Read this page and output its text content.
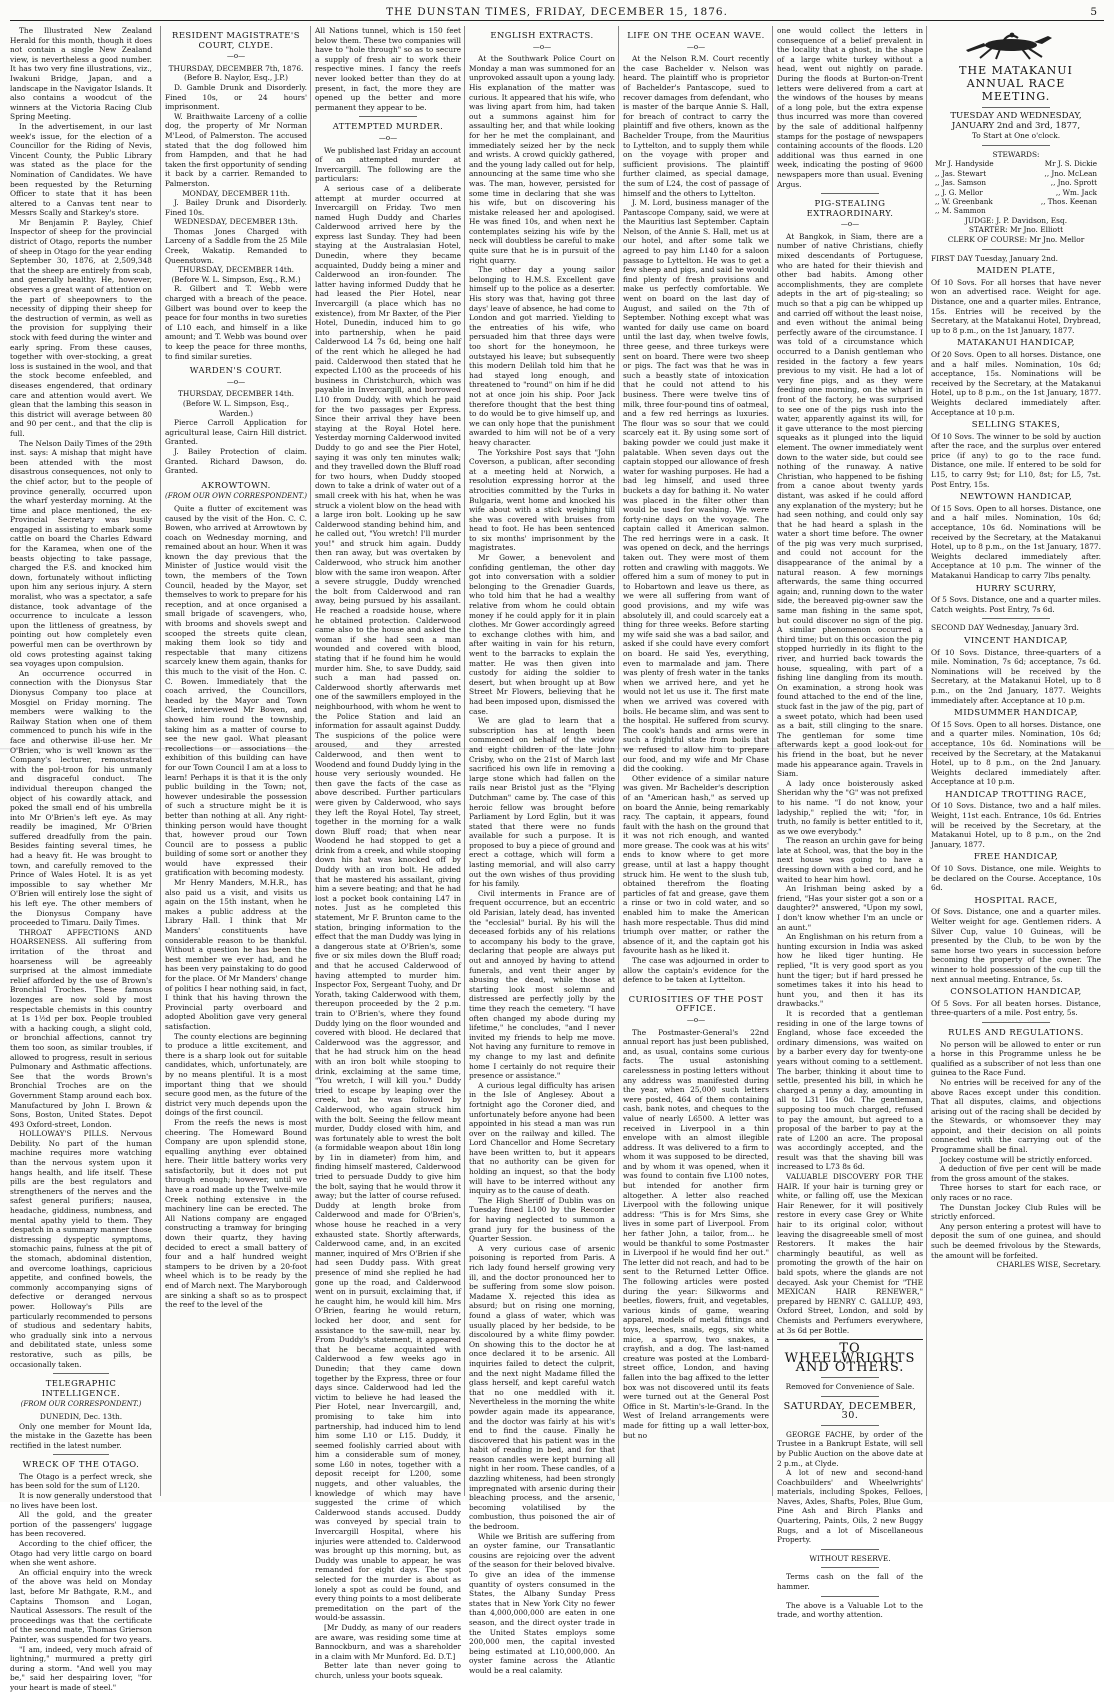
THE DUNSTAN TIMES, FRIDAY, DECEMBER 15, 1876.	5

The Illustrated New Zealand Herald for this month, though it does not contain a single New Zealand view, is nevertheless a good number. It has two very fine illustrations, viz., Iwakuni Bridge, Japan, and a landscape in the Navigator Islands. It also contains a woodcut of the winners at the Victoria Racing Club Spring Meeting.

In the advertisement, in our last week's issue, for the election of a Councillor for the Riding of Nevis, Vincent County, the Public Library was stated as the place for the Nomination of Candidates. We have been requested by the Returning Officer to state that it has been altered to a Canvas tent near to Messrs Scally and Starkey's store.

Mr Benjamin P. Bayley, Chief Inspector of sheep for the provincial district of Otago, reports the number of sheep in Otago for the year ending September 30, 1876, at 2,509,348 that the sheep are entirely from scab, and generally healthy. He, however, observes a great want of attention on the part of sheepowners to the necessity of dipping their sheep for the destruction of vermin, as well as the provision for supplying their stock with feed during the winter and early spring. From these causes, together with over-stocking, a great loss is sustained in the wool, and that the stock become enfeebled, and diseases engendered, that ordinary care and attention would avert. We glean that the lambing this season in this district will average between 80 and 90 per cent., and that the clip is full.

The Nelson Daily Times of the 29th inst. says: A mishap that might have been attended with the most disastrous consequences, not only to the chief actor, but to the people of province generally, occurred upon the wharf yesterday morning. At the time and place mentioned, the ex-Provincial Secretary was busily engaged in assisting to embark some cattle on board the Charles Edward for the Karamea, when one of the beasts objecting to take passage, charged the F.S. and knocked him down, fortunately without inflicting upon him any serious injury. A stern moralist, who was a spectator, a safe distance, took advantage of the occurrence to inculcate a lesson upon the littleness of greatness, by pointing out how completely even powerful men can be overthrown by old cows protesting against taking sea voyages upon compulsion.

An occurrence occurred in connection with the Dionysus Star Dionysus Company too place at Mosgiel on Friday morning. The members were walking to the Railway Station when one of them commenced to punch his wife in the face and otherwise ill-use her. Mr O'Brien, who is well known as the Company's lecturer, remonstrated with the pol-troon for his unmanly and disgraceful conduct. The individual thereupon changed the object of his cowardly attack, and poked the small end of his umbrella into Mr O'Brien's left eye. As may readily be imagined, Mr O'Brien suffered dreadfully from the pain. Besides fainting several times, he had a heavy fit. He was brought to town, and carefully removed to the Prince of Wales Hotel. It is as yet impossible to say whether Mr O'Brien will entirely lose the sight of his left eye. The other members of the Dionysus Company have proceeded to Timaru. Daily Times.

THROAT AFFECTIONS AND HOARSENESS. All suffering from irritation of the throat and hoarseness will be agreeably surprised at the almost immediate relief afforded by the use of Brown's Bronchial Troches. These famous lozenges are now sold by most respectable chemists in this country at 1s 1½d per box. People troubled with a hacking cough, a slight cold, or bronchial affections, cannot try them too soon, as similar troubles, if allowed to progress, result in serious Pulmonary and Asthmatic affections. See that the words Brown's Bronchial Troches are on the Government Stamp around each box. Manufactured by John I. Brown & Sons, Boston, United States. Depot 493 Oxford-street, London.

HOLLOWAY'S PILLS. Nervous Debility. No part of the human machine requires more watching than the nervous system upon it hangs health, and life itself. These pills are the best regulators and strengtheners of the nerves and the safest general purifiers; nausea, headache, giddiness, numbness, and mental apathy yield to them. They despatch in a summary manner those distressing dyspeptic symptoms, stomachic pains, fulness at the pit of the stomach, abdominal distention, and overcome loathings, capricious appetite, and confined bowels, the commonly accompanying signs of defective or deranged nervous power. Holloway's Pills are particularly recommended to persons of studious and sedentary habits, who gradually sink into a nervous and debilitated state, unless some restorative, such as pills, be occasionally taken.

TELEGRAPHIC INTELLIGENCE.
(FROM OUR CORRESPONDENT.)

DUNEDIN, Dec. 13th.

Only one member for Mount Ida, the mistake in the Gazette has been rectified in the latest number.

WRECK OF THE OTAGO.

The Otago is a perfect wreck, she has been sold for the sum of L120.

It is now generally understood that no lives have been lost.

All the gold, and the greater portion of the passengers' luggage has been recovered.

According to the chief officer, the Otago had very little cargo on board when she went ashore.

An official enquiry into the wreck of the above was held on Monday last, before Mr Bathgate, R.M., and Captains Thomson and Logan, Nautical Assessors. The result of the proceedings was that the certificate of the second mate, Thomas Grierson Painter, was suspended for two years.

"I am, indeed, very much afraid of lightning," murmured a pretty girl during a storm. "And well you may be," said her despairing lover, "for your heart is made of steel."

RESIDENT MAGISTRATE'S COURT, CLYDE.
—o—

THURSDAY, DECEMBER 7th, 1876.

(Before B. Naylor, Esq., J.P.)

D. Gamble Drunk and Disorderly. Fined 10s, or 24 hours' imprisonment.

W. Braithwaite Larceny of a collie dog, the property of Mr Norman M'Leod, of Palmerston. The accused stated that the dog followed him from Hampden, and that he had taken the first opportunity of sending it back by a carrier. Remanded to Palmerston.

MONDAY, DECEMBER 11th.

J. Bailey Drunk and Disorderly. Fined 10s.

WEDNESDAY, DECEMBER 13th.

Thomas Jones Charged with Larceny of a Saddle from the 25 Mile Creek, Wakatip. Remanded to Queenstown.

THURSDAY, DECEMBER 14th.

(Before W. L. Simpson, Esq., R.M.)

R. Gilbert and T. Webb were charged with a breach of the peace. Gilbert was bound over to keep the peace for four months in two sureties of L10 each, and himself in a like amount; and T. Webb was bound over to keep the peace for three months, to find similar sureties.

WARDEN'S COURT.
—o—

THURSDAY, DECEMBER 14th.

(Before W. L. Simpson, Esq., Warden.)

Pierce Carroll Application for agricultural lease, Cairn Hill district. Granted.

J. Bailey Protection of claim. Granted. Richard Dawson, do. Granted.

AKROWTOWN.
(FROM OUR OWN CORRESPONDENT.)

Quite a flutter of excitement was caused by the visit of the Hon. C. C. Bowen, who arrived at Arrowtown by coach on Wednesday morning, and remained about an hour. When it was known the day previous that the Minister of Justice would visit the town, the members of the Town Council, headed by the Mayor, set themselves to work to prepare for his reception, and at once organised a small brigade of scavengers, who, with brooms and shovels swept and scooped the streets quite clean, making them look so tidy and respectable that many citizens scarcely knew them again, thanks for this much to the visit of the Hon. C. C. Bowen. Immediately that the coach arrived, the Councillors, headed by the Mayor and Town Clerk, interviewed Mr Bowen, and showed him round the township, taking him as a matter of course to see the new gaol. What pleasant recollections or associations the exhibition of this building can have for our Town Council I am at a loss to learn! Perhaps it is that it is the only public building in the Town; not, however undesirable the possession of such a structure might be it is better than nothing at all. Any right-thinking person would have thought that, however proud our Town Council are to possess a public building of some sort or another they would have expressed their gratification with becoming modesty.

Mr Henry Manders, M.H.R., has also paid us a visit, and visits us again on the 15th instant, when he makes a public address at the Library Hall. I think that Mr Manders' constituents have considerable reason to be thankful. Without a question he has been the best member we ever had, and he has been very painstaking to do good for the place. Of Mr Manders' change of politics I hear nothing said, in fact, I think that his having thrown the Provincial party overboard and adopted Abolition gave very general satisfaction.

The county elections are beginning to produce a little excitement, and there is a sharp look out for suitable candidates, which, unfortunately, are by no means plentiful. It is a most important thing that we should secure good men, as the future of the district very much depends upon the doings of the first council.

From the reefs the news is most cheering. The Homeward Bound Company are upon splendid stone, equalling anything ever obtained here. Their little battery works very satisfactorily, but it does not put through enough; however, until we have a road made up the Twelve-mile Creek nothing extensive in the machinery line can be erected. The All Nations company are engaged constructing a tramway for bringing down their quartz, they having decided to erect a small battery of four and a half hundred weight stampers to be driven by a 20-foot wheel which is to be ready by the end of March next. The Maryborough are sinking a shaft so as to prospect the reef to the level of the

All Nations tunnel, which is 150 feet below them. These two companies will have to "hole through" so as to secure a supply of fresh air to work their respective mines. I fancy the reefs never looked better than they do at present, in fact, the more they are opened up the better and more permanent they appear to be.

ATTEMPTED MURDER.
—o—

We published last Friday an account of an attempted murder at Invercargill. The following are the particulars:

A serious case of a deliberate attempt at murder occurred at Invercargill on Friday. Two men named Hugh Duddy and Charles Calderwood arrived here by the express last Sunday. They had been staying at the Australasian Hotel, Dunedin, where they became acquainted, Duddy being a miner and Calderwood an iron-founder. The latter having informed Duddy that he had leased the Pier Hotel, near Invercargill (a place which has no existence), from Mr Baxter, of the Pier Hotel, Dunedin, induced him to go into partnership, when he paid Calderwood L4 7s 6d, being one half of the rent which he alleged he had paid. Calderwood then stated that he expected L100 as the proceeds of his business in Christchurch, which was payable in Invercargill, and borrowed L10 from Duddy, with which he paid for the two passages per Express. Since their arrival they have been staying at the Royal Hotel here. Yesterday morning Calderwood invited Duddy to go and see the Pier Hotel, saying it was only ten minutes walk; and they travelled down the Bluff road for two hours, when Duddy stooped down to take a drink of water out of a small creek with his hat, when he was struck a violent blow on the head with a large iron bolt. Looking up he saw Calderwood standing behind him, and he called out, "You wretch! I'll murder you!" and struck him again. Duddy then ran away, but was overtaken by Calderwood, who struck him another blow with the same iron weapon. After a severe struggle, Duddy wrenched the bolt from Calderwood and ran away, being pursued by his assailant. He reached a roadside house, where he obtained protection. Calderwood came also to the house and asked the woman if she had seen a man wounded and covered with blood, stating that if he found him he would murder him. She, to save Duddy, said such a man had passed on. Calderwood shortly afterwards met one of the sawmillers employed in the neighbourhood, with whom he went to the Police Station and laid an information for assault against Duddy. The suspicions of the police were aroused, and they arrested Calderwood, and then went to Woodend and found Duddy lying in the house very seriously wounded. He then gave the facts of the case as above described. Further particulars were given by Calderwood, who says they left the Royal Hotel, Tay street, together in the morning for a walk down Bluff road; that when near Woodend he had stopped to get a drink from a creek, and while stooping down his hat was knocked off by Duddy with an iron bolt. He added that he mastered his assailant, giving him a severe beating; and that he had lost a pocket book containing L47 in notes. Just as he completed this statement, Mr F. Brunton came to the station, bringing information to the effect that the man Duddy was lying in a dangerous state at O'Brien's, some five or six miles down the Bluff road; and that he accused Calderwood of having attempted to murder him. Inspector Fox, Sergeant Tuohy, and Dr Yorath, taking Calderwood with them, thereupon proceeded by the 2 p.m. train to O'Brien's, where they found Duddy lying on the floor wounded and covered with blood. He declared that Calderwood was the aggressor, and that he had struck him on the head with an iron bolt while stooping to drink, exclaiming at the same time, "You wretch, I will kill you." Duddy tried to escape by leaping over the creek, but he was followed by Calderwood, who again struck him with the bolt. Seeing the fellow meant murder, Duddy closed with him, and was fortunately able to wrest the bolt (a formidable weapon about 18in long by 1in in diameter) from him, and finding himself mastered, Calderwood tried to persuade Duddy to give him the bolt, saying that he would throw it away; but the latter of course refused. Duddy at length broke from Calderwood and made for O'Brien's, whose house he reached in a very exhausted state. Shortly afterwards, Calderwood came, and, in an excited manner, inquired of Mrs O'Brien if she had seen Duddy pass. With great presence of mind she replied he had gone up the road, and Calderwood went on in pursuit, exclaiming that, if he caught him, he would kill him. Mrs O'Brien, fearing he would return, locked her door, and sent for assistance to the saw-mill, near by. From Duddy's statement, it appeared that he became acquainted with Calderwood a few weeks ago in Dunedin; that they came down together by the Express, three or four days since. Calderwood had led the victim to believe he had leased the Pier Hotel, near Invercargill, and, promising to take him into partnership, had induced him to lend him some L10 or L15. Duddy, it seemed foolishly carried about with him a considerable sum of money, some L60 in notes, together with a deposit receipt for L200, some nuggets, and other valuables, the knowledge of which may have suggested the crime of which Calderwood stands accused. Duddy was conveyed by special train to Invercargill Hospital, where his injuries were attended to. Calderwood was brought up this morning, but, as Duddy was unable to appear, he was remanded for eight days. The spot selected for the murder is about as lonely a spot as could be found, and every thing points to a most deliberate premeditation on the part of the would-be assassin.

[Mr Duddy, as many of our readers are aware, was residing some time at Bannockburn, and was a shareholder in a claim with Mr Munford. Ed. D.T.]

Better late than never going to church, unless your boots squeak.

ENGLISH EXTRACTS.
—o—

At the Southwark Police Court on Monday a man was summoned for an unprovoked assault upon a young lady. His explanation of the matter was curious. It appeared that his wife, who was living apart from him, had taken out a summons against him for assaulting her, and that while looking for her he met the complainant, and immediately seized her by the neck and wrists. A crowd quickly gathered, and the young lady called out for help, announcing at the same time who she was. The man, however, persisted for some time in declaring that she was his wife, but on discovering his mistake released her and apologised. He was fined 10s, and when next he contemplates seizing his wife by the neck will doubtless be careful to make quite sure that he is in pursuit of the right quarry.

The other day a young sailor belonging to H.M.S. Excellent gave himself up to the police as a deserter. His story was that, having got three days' leave of absence, he had come to London and got married. Yielding to the entreaties of his wife, who persuaded him that three days were too short for the honeymoon, he outstayed his leave; but subsequently this modern Delilah told him that he had stayed long enough, and threatened to "round" on him if he did not at once join his ship. Poor Jack therefore thought that the best thing to do would be to give himself up, and we can only hope that the punishment awarded to him will not be of a very heavy character.

The Yorkshire Post says that "John Coverson, a publican, after seconding at a meeting held at Norwich, a resolution expressing horror at the atrocities committed by the Turks in Bulgaria, went home and knocked his wife about with a stick weighing till she was covered with bruises from head to foot. He has been sentenced to six months' imprisonment by the magistrates.

Mr Gower, a benevolent and confiding gentleman, the other day got into conversation with a soldier belonging to the Grenadier Guards, who told him that he had a wealthy relative from whom he could obtain money if he could apply for it in plain clothes. Mr Gower accordingly agreed to exchange clothes with him, and after waiting in vain for his return, went to the barracks to explain the matter. He was then given into custody for aiding the soldier to desert, but when brought up at Bow Street Mr Flowers, believing that he had been imposed upon, dismissed the case.

We are glad to learn that a subscription has at length been commenced on behalf of the widow and eight children of the late John Crisby, who on the 21st of March last sacrificed his own life in removing a large stone which had fallen on the rails near Bristol just as the "Flying Dutchman" came by. The case of this heroic fellow was brought before Parliament by Lord Eglin, but it was stated that there were no funds available for such a purpose. It is proposed to buy a piece of ground and erect a cottage, which will form a lasting memorial, and will also carry out the own wishes of thus providing for his family.

Civil interments in France are of frequent occurrence, but an eccentric old Parisian, lately dead, has invented the "ecclesial" burial. By his will the deceased forbids any of his relations to accompany his body to the grave, declaring that people are always put out and annoyed by having to attend funerals, and vent their anger by abusing the dead, while those at starting look most solemn and distressed are perfectly jolly by the time they reach the cemetery. "I have often changed my abode during my lifetime," he concludes, "and I never invited my friends to help me move. Not having any furniture to remove in my change to my last and definite home I certainly do not require their presence or assistance."

A curious legal difficulty has arisen in the Isle of Anglesey. About a fortnight ago the Coroner died, and unfortunately before anyone had been appointed in his stead a man was run over on the railway and killed. The Lord Chancellor and Home Secretary have been written to, but it appears that no authority can be given for holding an inquest, so that the body will have to be interred without any inquiry as to the cause of death.

The High Sheriff of Dublin was on Tuesday fined L100 by the Recorder for having neglected to summon a grand jury for the business of the Quarter Session.

A very curious case of arsenic poisoning is reported from Paris. A rich lady found herself growing very ill, and the doctor pronounced her to be suffering from some slow poison. Madame X. rejected this idea as absurd; but on rising one morning, found a glass of water, which was usually placed by her bedside, to be discoloured by a white flimy powder. On showing this to the doctor he at once declared it to be arsenic. All inquiries failed to detect the culprit, and the next night Madame filled the glass herself, and kept careful watch that no one meddled with it. Nevertheless in the morning the white powder again made its appearance, and the doctor was fairly at his wit's end to find the cause. Finally he discovered that his patient was in the habit of reading in bed, and for that reason candles were kept burning all night in her room. These candles, of a dazzling whiteness, had been strongly impregnated with arsenic during their bleaching process, and the arsenic, becoming volatilised by the combustion, thus poisoned the air of the bedroom.

While we British are suffering from an oyster famine, our Transatlantic cousins are rejoicing over the advent of the season for their beloved bivalve. To give an idea of the immense quantity of oysters consumed in the States, the Albany Sunday Press states that in New York City no fewer than 4,000,000,000 are eaten in one season, and the direct oyster trade in the United States employs some 200,000 men, the capital invested being estimated at L10,000,000. An oyster famine across the Atlantic would be a real calamity.

LIFE ON THE OCEAN WAVE.
—o—

At the Nelson R.M. Court recently the case Bachelder v. Nelson was heard. The plaintiff who is proprietor of Bachelder's Pantascope, sued to recover damages from defendant, who is master of the barque Annie S. Hall, for breach of contract to carry the plaintiff and five others, known as the Bachelder Troupe, from the Mauritius to Lyttelton, and to supply them while on the voyage with proper and sufficient provisions. The plaintiff further claimed, as special damage, the sum of L24, the cost of passage of himself and the others to Lyttelton.

J. M. Lord, business manager of the Pantascope Company, said, we were at the Mauritius last September. Captain Nelson, of the Annie S. Hall, met us at our hotel, and after some talk we agreed to pay him L140 for a saloon passage to Lyttelton. He was to get a few sheep and pigs, and said he would find plenty of fresh provisions and make us perfectly comfortable. We went on board on the last day of August, and sailed on the 7th of September. Nothing except what was wanted for daily use came on board until the last day, when twelve fowls, three geese, and three turkeys were sent on board. There were two sheep or pigs. The fact was that he was in such a beastly state of intoxication that he could not attend to his business. There were twelve tins of milk, three four-pound tins of oatmeal, and a few red herrings as luxuries. The flour was so sour that we could scarcely eat it. By using some sort of baking powder we could just make it palatable. When seven days out the captain stopped our allowance of fresh water for washing purposes. He had a bad leg himself, and used three buckets a day for bathing it. No water was placed in the filter other than would be used for washing. We were forty-nine days on the voyage. The captain called it American salmon. The red herrings were in a cask. It was opened on deck, and the herrings taken out. They were most of them rotten and crawling with maggots. We offered him a sum of money to put in to Hobartown and leave us there, as we were all suffering from want of good provisions, and my wife was absolutely ill, and could scarcely eat a thing for three weeks. Before starting my wife said she was a bad sailor, and asked if she could have every comfort on board. He said Yes, everything, even to marmalade and jam. There was plenty of fresh water in the tanks when we arrived here, and yet he would not let us use it. The first mate when we arrived was covered with boils. He became slim, and was sent to the hospital. He suffered from scurvy. The cook's hands and arms were in such a frightful state from boils that we refused to allow him to prepare our food, and my wife and Mr Chase did the cooking.

Other evidence of a similar nature was given. Mr Bachelder's description of an "American hash," as served up on board the Annie, being remarkably racy. The captain, it appears, found fault with the hash on the ground that it was not rich enough, and wanted more grease. The cook was at his wits' ends to know where to get more grease, until at last a happy thought struck him. He went to the slush tub, obtained therefrom the floating particles of fat and grease, gave them a rinse or two in cold water, and so enabled him to make the American hash more respectable. Thus did mind triumph over matter, or rather the absence of it, and the captain got his favourite hash as he liked it.

The case was adjourned in order to allow the captain's evidence for the defence to be taken at Lyttelton.

CURIOSITIES OF THE POST OFFICE.
—o—

The Postmaster-General's 22nd annual report has just been published, and, as usual, contains some curious facts. The usual astonishing carelessness in posting letters without any address was manifested during the year, when 25,000 such letters were posted, 464 of them containing cash, bank notes, and cheques to the value of nearly L6500. A letter was received in Liverpool in a thin envelope with an almost illegible address. It was delivered to a firm to whom it was supposed to be directed, and by whom it was opened, when it was found to contain five L100 notes, but intended for another firm altogether. A letter also reached Liverpool with the following unique address: "This is for Mrs Sims, she lives in some part of Liverpool. From her father John, a tailor, from... he would be thankful to some Postmaster in Liverpool if he would find her out." The letter did not reach, and had to be sent to the Returned Letter Office. The following articles were posted during the year: Silkworms and beetles, flowers, fruit, and vegetables, various kinds of game, wearing apparel, models of metal fittings and toys, leeches, snails, eggs, six white mice, a sparrow, two snakes, a crayfish, and a dog. The last-named creature was posted at the Lombard-street office, London, and having fallen into the bag affixed to the letter box was not discovered until its feats were turned out at the General Post Office in St. Martin's-le-Grand. In the West of Ireland arrangements were made for fitting up a wall letter-box, but no

one would collect the letters in consequence of a belief prevalent in the locality that a ghost, in the shape of a large white turkey without a head, went out nightly on parade. During the floods at Burton-on-Trent letters were delivered from a cart at the windows of the houses by means of a long pole, but the extra expense thus incurred was more than covered by the sale of additional halfpenny stamps for the postage of newspapers containing accounts of the floods. L20 additional was thus earned in one week, indicating the posting of 9600 newspapers more than usual. Evening Argus.

PIG-STEALING EXTRAORDINARY.
—o—

At Bangkok, in Siam, there are a number of native Christians, chiefly mixed descendants of Portuguese, who are hated for their thievish and other bad habits. Among other accomplishments, they are complete adepts in the art of pig-stealing; so much so that a pig can be whipped up and carried off without the least noise, and even without the animal being perfectly aware of the circumstance. I was told of a circumstance which occurred to a Danish gentleman who resided in the factory a few years previous to my visit. He had a lot of very fine pigs, and as they were feeding one morning, on the wharf in front of the factory, he was surprised to see one of the pigs rush into the water, apparently against its will, for it gave utterance to the most piercing squeaks as it plunged into the liquid element. The owner immediately went down to the water side, but could see nothing of the runaway. A native Christian, who happened to be fishing from a canoe about twenty yards distant, was asked if he could afford any explanation of the mystery; but he had seen nothing, and could only say that he had heard a splash in the water a short time before. The owner of the pig was very much surprised, and could not account for the disappearance of the animal by a natural reason. A few mornings afterwards, the same thing occurred again; and, running down to the water side, the bereaved pig-owner saw the same man fishing in the same spot, but could discover no sign of the pig. A similar phenomenon occurred a third time; but on this occasion the pig stopped hurriedly in its flight to the river, and hurried back towards the house, squealing, with part of a fishing line dangling from its mouth. On examination, a strong hook was found attached to the end of the line, stuck fast in the jaw of the pig, part of a sweet potato, which had been used as a bait, still clinging to the snare. The gentleman for some time afterwards kept a good look-out for his friend in the boat, but he never made his appearance again. Travels in Siam.

A lady once boisterously asked Sheridan why the "G" was not prefixed to his name. "I do not know, your ladyship," replied the wit; "for, in truth, no family is better entitled to it, as we owe everybody."

The reason an urchin gave for being late at School, was, that the boy in the next house was going to have a dressing down with a bed cord, and he waited to hear him howl.

An Irishman being asked by a friend, "Has your sister got a son or a daughter?" answered, "Upon my sowl, I don't know whether I'm an uncle or an aunt."

An Englishman on his return from a hunting excursion in India was asked how he liked tiger hunting. He replied, "It is very good sport as you hunt the tiger; but if hard pressed he sometimes takes it into his head to hunt you, and then it has its drawbacks."

It is recorded that a gentleman residing in one of the large towns of England, whose face exceeded the ordinary dimensions, was waited on by a barber every day for twenty-one years without coming to a settlement. The barber, thinking it about time to settle, presented his bill, in which he charged a penny a day, amounting in all to L31 16s 0d. The gentleman, supposing too much charged, refused to pay the amount, but agreed to a proposal of the barber to pay at the rate of L200 an acre. The proposal was accordingly accepted, and the result was that the shaving bill was increased to L73 8s 6d.

VALUABLE DISCOVERY FOR THE HAIR. If your hair is turning grey or white, or falling off, use the Mexican Hair Renewer, for it will positively restore in every case Grey or White hair to its original color, without leaving the disagreeable smell of most Restorers. It makes the hair charmingly beautiful, as well as promoting the growth of the hair on bald spots, where the glands are not decayed. Ask your Chemist for "THE MEXICAN HAIR RENEWER," prepared by HENRY C. GALLUP, 493, Oxford Street, London, and sold by Chemists and Perfumers everywhere, at 3s 6d per Bottle.

TO WHEELWRIGHTS AND OTHERS.

Removed for Convenience of Sale.

SATURDAY, DECEMBER, 30.

GEORGE FACHE, by order of the Trustee in a Bankrupt Estate, will sell by Public Auction on the above date at 2 p.m., at Clyde.

A lot of new and second-hand Coachbuilders' and Wheelwrights' materials, including Spokes, Felloes, Naves, Axles, Shafts, Poles, Blue Gum, Pine Ash and Birch Planks and Quartering, Paints, Oils, 2 new Buggy Rugs, and a lot of Miscellaneous Property.

WITHOUT RESERVE.

Terms cash on the fall of the hammer.

The above is a Valuable Lot to the trade, and worthy attention.

THE MATAKANUI ANNUAL RACE MEETING.

TUESDAY AND WEDNESDAY, JANUARY 2nd and 3rd, 1877,

To Start at One o'clock.

STEWARDS:

Mr J. Handyside	Mr J. S. Dickie
,, Jas. Stewart	,, Jno. McLean
,, Jas. Samson	,, Jno. Sprott
,, J. G. Mellor	,, Wm. Jack
,, W. Greenbank	,, Thos. Keenan
,, M. Sammon

JUDGE: J. P. Davidson, Esq.

STARTER: Mr Jno. Elliott

CLERK OF COURSE: Mr Jno. Mellor

FIRST DAY Tuesday, January 2nd.

MAIDEN PLATE,

Of 10 Sovs. For all horses that have never won an advertised race. Weight for age. Distance, one and a quarter miles. Entrance, 15s. Entries will be received by the Secretary, at the Matakanui Hotel, Drybread, up to 8 p.m., on the 1st January, 1877.

MATAKANUI HANDICAP,

Of 20 Sovs. Open to all horses. Distance, one and a half miles. Nomination, 10s 6d; acceptance, 15s. Nominations will be received by the Secretary, at the Matakanui Hotel, up to 8 p.m., on the 1st January, 1877. Weights declared immediately after. Acceptance at 10 p.m.

SELLING STAKES,

Of 10 Sovs. The winner to be sold by auction after the race, and the surplus over entered price (if any) to go to the race fund. Distance, one mile. If entered to be sold for L15, to carry 9st; for L10, 8st; for L5, 7st. Post Entry, 15s.

NEWTOWN HANDICAP,

Of 15 Sovs. Open to all horses. Distance, one and a half miles. Nomination, 10s 6d; acceptance, 10s 6d. Nominations will be received by the Secretary, at the Matakanui Hotel, up to 8 p.m., on the 1st January, 1877. Weights declared immediately after. Acceptance at 10 p.m. The winner of the Matakanui Handicap to carry 7lbs penalty.

HURRY SCURRY,

Of 5 Sovs. Distance, one and a quarter miles. Catch weights. Post Entry, 7s 6d.

SECOND DAY Wednesday, January 3rd.

VINCENT HANDICAP,

Of 10 Sovs. Distance, three-quarters of a mile. Nomination, 7s 6d; acceptance, 7s 6d. Nominations will be received by the Secretary, at the Matakanui Hotel, up to 8 p.m., on the 2nd January, 1877. Weights immediately after. Acceptance at 10 p.m.

MIDSUMMER HANDICAP,

Of 15 Sovs. Open to all horses. Distance, one and a quarter miles. Nomination, 10s 6d; acceptance, 10s 6d. Nominations will be received by the Secretary, at the Matakanui Hotel, up to 8 p.m., on the 2nd January. Weights declared immediately after. Acceptance at 10 p.m.

HANDICAP TROTTING RACE,

Of 10 Sovs. Distance, two and a half miles. Weight, 11st each. Entrance, 10s 6d. Entries will be received by the Secretary, at the Matakanui Hotel, up to 8 p.m., on the 2nd January, 1877.

FREE HANDICAP,

Of 10 Sovs. Distance, one mile. Weights to be declared on the Course. Acceptance, 10s 6d.

HOSPITAL RACE,

Of Sovs. Distance, one and a quarter miles. Welter weight for age. Gentlemen riders. A Silver Cup, value 10 Guineas, will be presented by the Club, to be won by the same horse two years in succession before becoming the property of the owner. The winner to hold possession of the cup till the next annual meeting. Entrance, 5s.

CONSOLATION HANDICAP,

Of 5 Sovs. For all beaten horses. Distance, three-quarters of a mile. Post entry, 5s.

RULES AND REGULATIONS.

No person will be allowed to enter or run a horse in this Programme unless he be qualified as a subscriber of not less than one guinea to the Race Fund.

No entries will be received for any of the above Races except under this condition. That all disputes, claims, and objections arising out of the racing shall be decided by the Stewards, or whomsoever they may appoint, and their decision on all points connected with the carrying out of the Programme shall be final.

Jockey costume will be strictly enforced.

A deduction of five per cent will be made from the gross amount of the stakes.

Three horses to start for each race, or only races or no race.

The Dunstan Jockey Club Rules will be strictly enforced.

Any person entering a protest will have to deposit the sum of one guinea, and should such be deemed frivolous by the Stewards, the amount will be forfeited.

CHARLES WISE, Secretary.
